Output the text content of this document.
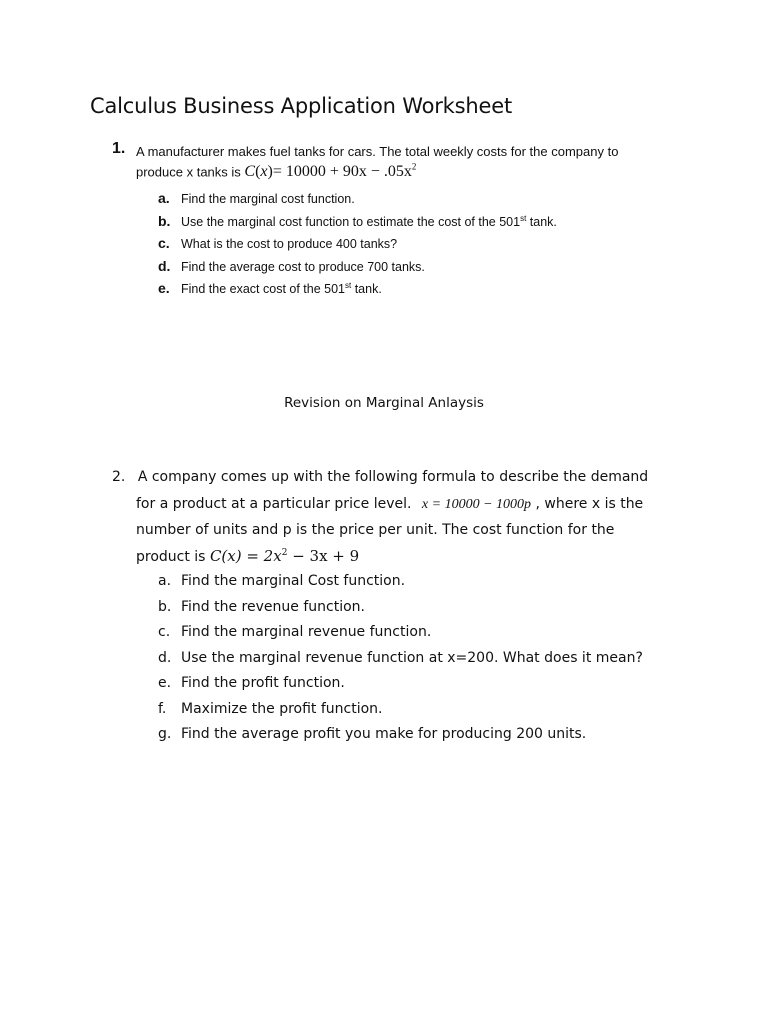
Calculus Business Application Worksheet
1. A manufacturer makes fuel tanks for cars. The total weekly costs for the company to
produce x tanks is $C(x)= 10000 + 90x - .05x^2$
a. Find the marginal cost function.
b. Use the marginal cost function to estimate the cost of the 501st tank.
c. What is the cost to produce 400 tanks?
d. Find the average cost to produce 700 tanks.
e. Find the exact cost of the 501st tank.
Revision on Marginal Anlaysis
2. A company comes up with the following formula to describe the demand
for a product at a particular price level. x = 10000 − 1000p , where x is the
number of units and p is the price per unit. The cost function for the
product is $C(x) = 2x^2 - 3x + 9$
a. Find the marginal Cost function.
b. Find the revenue function.
c. Find the marginal revenue function.
d. Use the marginal revenue function at x=200. What does it mean?
e. Find the profit function.
f. Maximize the profit function.
g. Find the average profit you make for producing 200 units.
